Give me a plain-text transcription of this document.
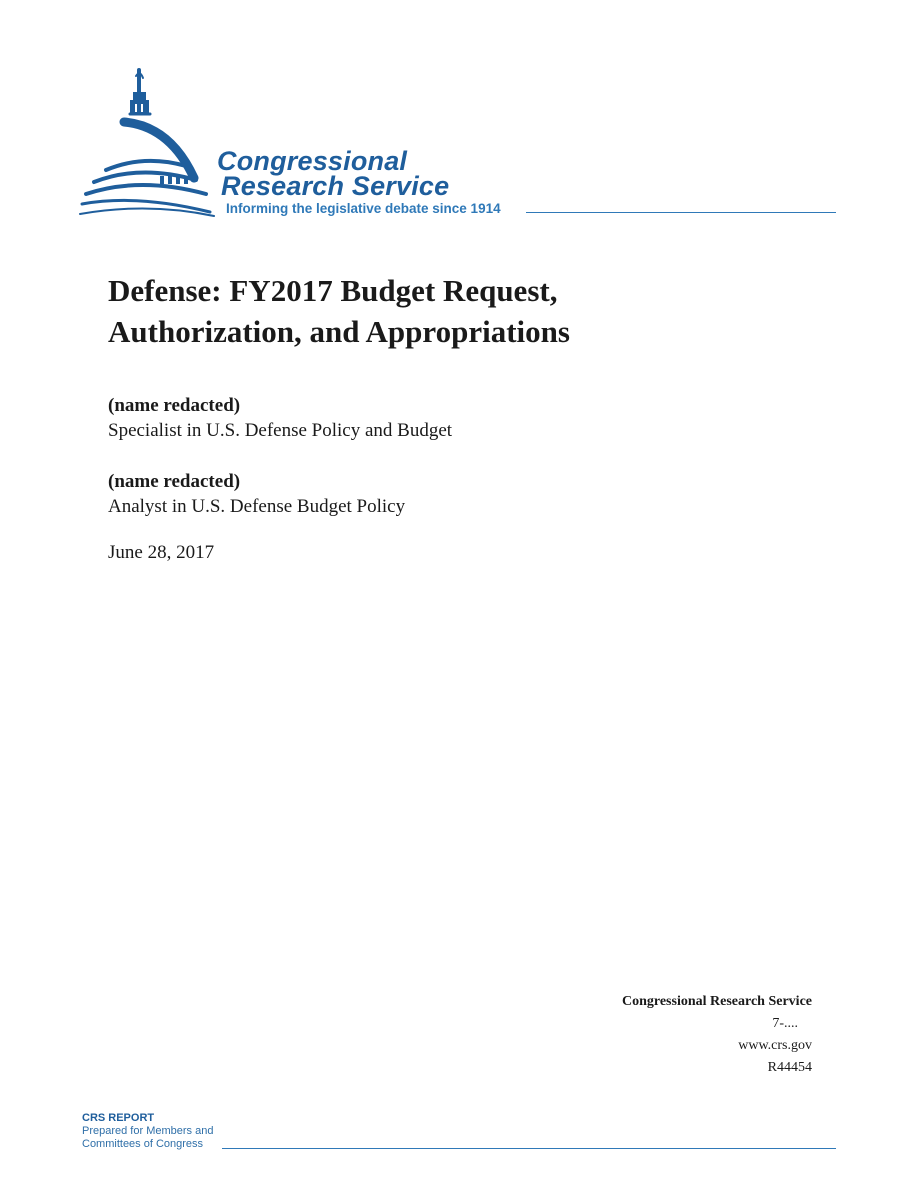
Congressional
Research Service
Informing the legislative debate since 1914
Defense: FY2017 Budget Request,
Authorization, and Appropriations
(name redacted)
Specialist in U.S. Defense Policy and Budget
(name redacted)
Analyst in U.S. Defense Budget Policy
June 28, 2017
Congressional Research Service
7-....
www.crs.gov
R44454
CRS REPORT
Prepared for Members and
Committees of Congress
